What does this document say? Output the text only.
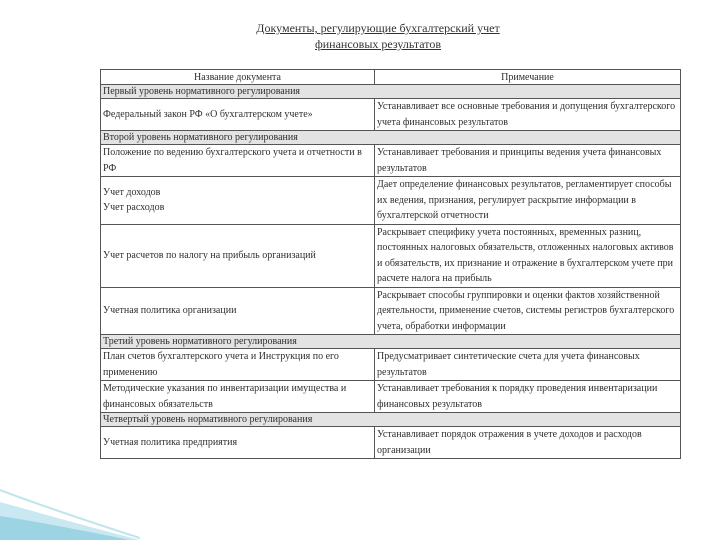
Документы, регулирующие бухгалтерский учет
финансовых результатов
Название документа	Примечание
Первый уровень нормативного регулирования	

Федеральный закон РФ «О бухгалтерском учете»	Устанавливает все основные требования и допущения бухгалтерского учета финансовых результатов
Второй уровень нормативного регулирования	

Положение по ведению бухгалтерского учета и отчетности в РФ	Устанавливает требования и принципы ведения учета финансовых результатов

Учет доходов
Учет расходов	Дает определение финансовых результатов, регламентирует способы их ведения, признания, регулирует раскрытие информации в бухгалтерской отчетности

Учет расчетов по налогу на прибыль организаций	Раскрывает специфику учета постоянных, временных разниц, постоянных налоговых обязательств, отложенных налоговых активов и обязательств, их признание и отражение в бухгалтерском учете при расчете налога на прибыль

Учетная политика организации	Раскрывает способы группировки и оценки фактов хозяйственной деятельности, применение счетов, системы регистров бухгалтерского учета, обработки информации
Третий уровень нормативного регулирования	

План счетов бухгалтерского учета и Инструкция по его применению	Предусматривает синтетические счета для учета финансовых результатов

Методические указания по инвентаризации имущества и финансовых обязательств	Устанавливает требования к порядку проведения инвентаризации финансовых результатов
Четвертый уровень нормативного регулирования	

Учетная политика предприятия	Устанавливает порядок отражения в учете доходов и расходов организации
